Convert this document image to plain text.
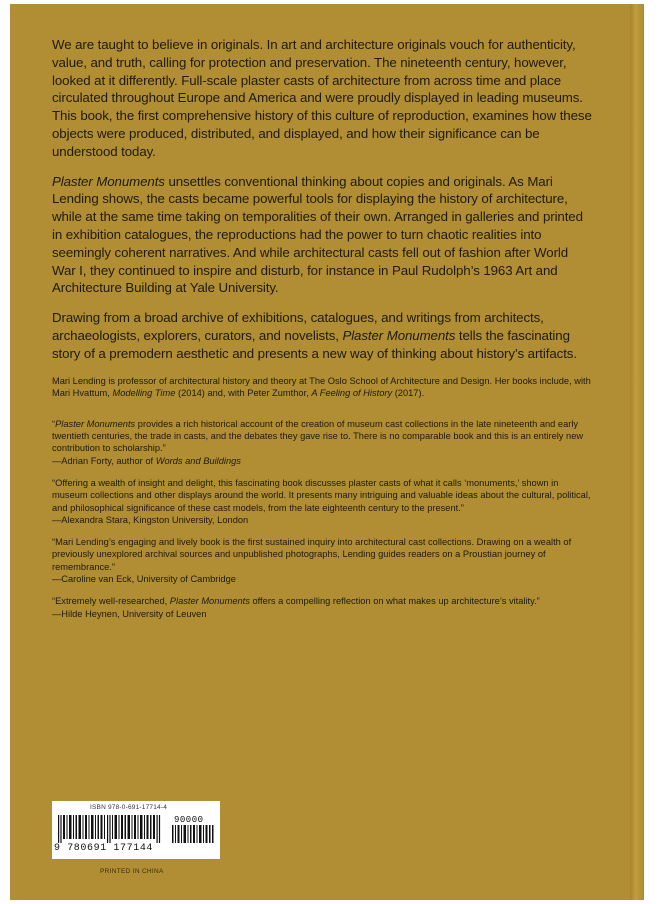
We are taught to believe in originals. In art and architecture originals vouch for authenticity, value, and truth, calling for protection and preservation. The nineteenth century, however, looked at it differently. Full-scale plaster casts of architecture from across time and place circulated throughout Europe and America and were proudly displayed in leading museums. This book, the first comprehensive history of this culture of reproduction, examines how these objects were produced, distributed, and displayed, and how their significance can be understood today.

Plaster Monuments unsettles conventional thinking about copies and originals. As Mari Lending shows, the casts became powerful tools for displaying the history of architecture, while at the same time taking on temporalities of their own. Arranged in galleries and printed in exhibition catalogues, the reproductions had the power to turn chaotic realities into seemingly coherent narratives. And while architectural casts fell out of fashion after World War I, they continued to inspire and disturb, for instance in Paul Rudolph’s 1963 Art and Architecture Building at Yale University.

Drawing from a broad archive of exhibitions, catalogues, and writings from architects, archaeologists, explorers, curators, and novelists, Plaster Monuments tells the fascinating story of a premodern aesthetic and presents a new way of thinking about history’s artifacts.

Mari Lending is professor of architectural history and theory at The Oslo School of Architecture and Design. Her books include, with Mari Hvattum, Modelling Time (2014) and, with Peter Zumthor, A Feeling of History (2017).

“Plaster Monuments provides a rich historical account of the creation of museum cast collections in the late nineteenth and early twentieth centuries, the trade in casts, and the debates they gave rise to. There is no comparable book and this is an entirely new contribution to scholarship.”
—Adrian Forty, author of Words and Buildings

“Offering a wealth of insight and delight, this fascinating book discusses plaster casts of what it calls ‘monuments,’ shown in museum collections and other displays around the world. It presents many intriguing and valuable ideas about the cultural, political, and philosophical significance of these cast models, from the late eighteenth century to the present.”
—Alexandra Stara, Kingston University, London

“Mari Lending’s engaging and lively book is the first sustained inquiry into architectural cast collections. Drawing on a wealth of previously unexplored archival sources and unpublished photographs, Lending guides readers on a Proustian journey of remembrance.”
—Caroline van Eck, University of Cambridge

“Extremely well-researched, Plaster Monuments offers a compelling reflection on what makes up architecture’s vitality.”
—Hilde Heynen, University of Leuven

ISBN 978-0-691-17714-4
90000
9 780691 177144
PRINTED IN CHINA
